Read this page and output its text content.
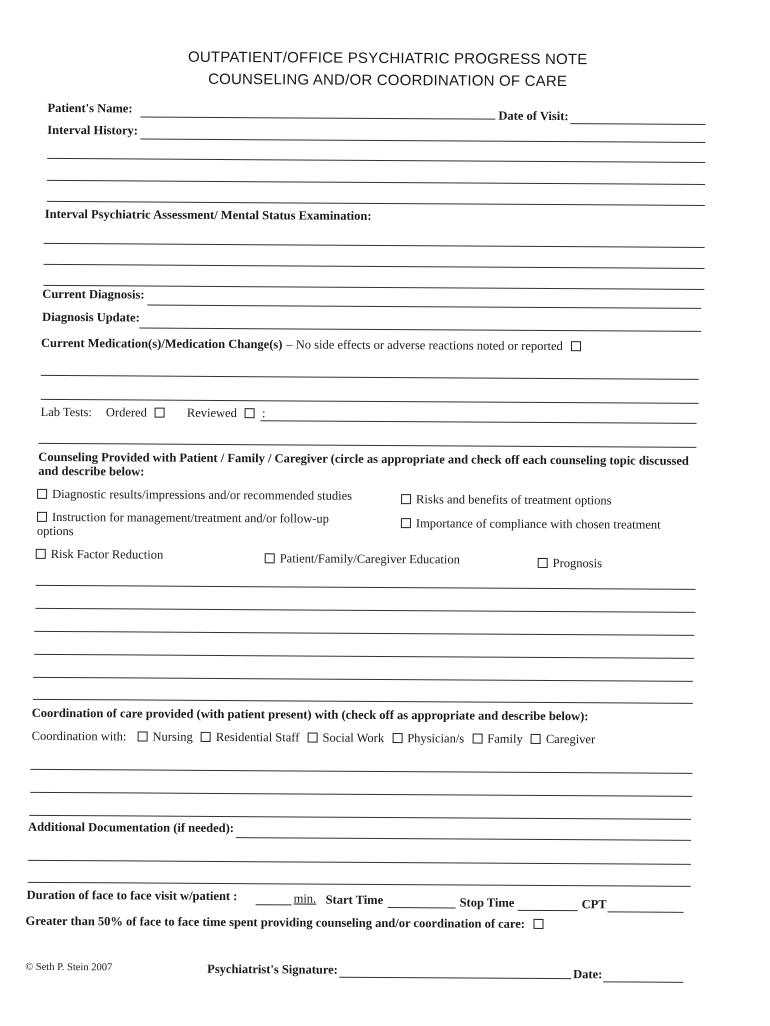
OUTPATIENT/OFFICE PSYCHIATRIC PROGRESS NOTE
COUNSELING AND/OR COORDINATION OF CARE
Patient's Name:
Date of Visit:
Interval History:
Interval Psychiatric Assessment/ Mental Status Examination:
Current Diagnosis:
Diagnosis Update:
Current Medication(s)/Medication Change(s) – No side effects or adverse reactions noted or reported
Lab Tests: Ordered	Reviewed   :
Counseling Provided with Patient / Family / Caregiver (circle as appropriate and check off each counseling topic discussed
and describe below:
Diagnostic results/impressions and/or recommended studies	Risks and benefits of treatment options
Instruction for management/treatment and/or follow-up
options	Importance of compliance with chosen treatment
Risk Factor Reduction	Patient/Family/Caregiver Education	Prognosis
Coordination of care provided (with patient present) with (check off as appropriate and describe below):
Coordination with: Nursing Residential Staff Social Work Physician/s Family Caregiver
Additional Documentation (if needed):
Duration of face to face visit w/patient :	min. Start Time	Stop Time	CPT
Greater than 50% of face to face time spent providing counseling and/or coordination of care:
© Seth P. Stein 2007	Psychiatrist's Signature:	Date:
